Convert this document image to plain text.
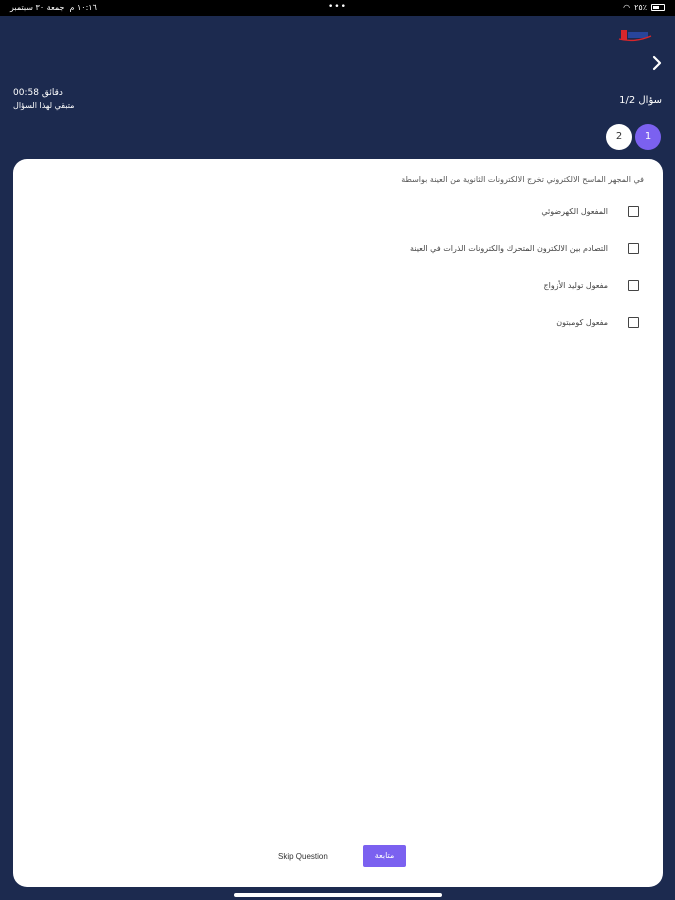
١٠:١٦ م  جمعة ٣٠ سبتمبر	•••	◠ ٢٥٪
00:58 دقائق
متبقي لهذا السؤال	سؤال 1/2
1
2
في المجهر الماسح الالكتروني تخرج الالكترونات الثانوية من العينة بواسطة
المفعول الكهرضوئي
التصادم بين الالكترون المتحرك والكترونات الذرات في العينة
مفعول توليد الأزواج
مفعول كومبتون
Skip Question	متابعة
